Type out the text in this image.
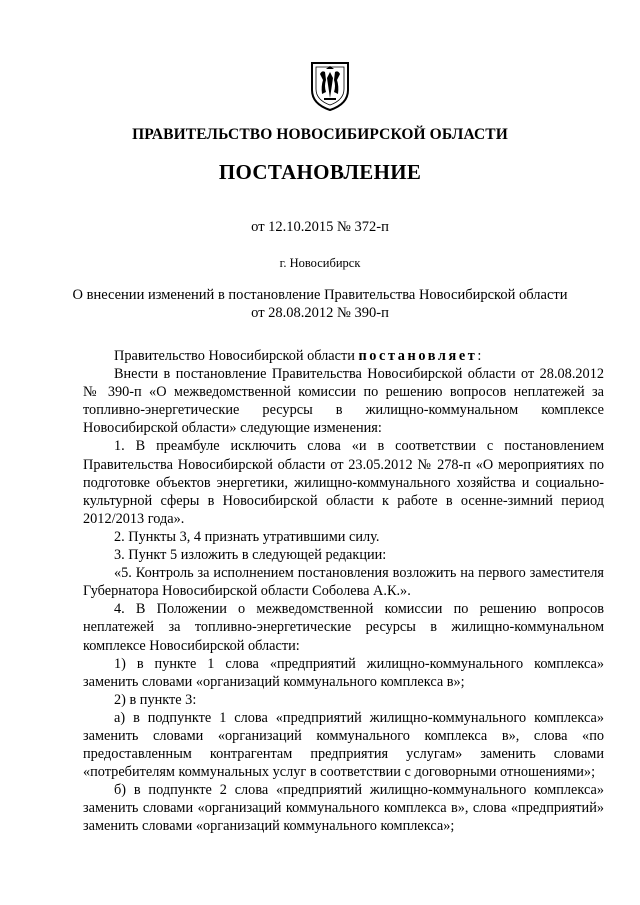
ПРАВИТЕЛЬСТВО НОВОСИБИРСКОЙ ОБЛАСТИ
ПОСТАНОВЛЕНИЕ
от 12.10.2015 № 372-п
г. Новосибирск
О внесении изменений в постановление Правительства Новосибирской области
от 28.08.2012 № 390-п

Правительство Новосибирской области постановляет:

Внести в постановление Правительства Новосибирской области от 28.08.2012 № 390-п «О межведомственной комиссии по решению вопросов неплатежей за топливно-энергетические ресурсы в жилищно-коммунальном комплексе Новосибирской области» следующие изменения:

1. В преамбуле исключить слова «и в соответствии с постановлением Правительства Новосибирской области от 23.05.2012 № 278-п «О мероприятиях по подготовке объектов энергетики, жилищно-коммунального хозяйства и социально-культурной сферы в Новосибирской области к работе в осенне-зимний период 2012/2013 года».

2. Пункты 3, 4 признать утратившими силу.

3. Пункт 5 изложить в следующей редакции:

«5. Контроль за исполнением постановления возложить на первого заместителя Губернатора Новосибирской области Соболева А.К.».

4. В Положении о межведомственной комиссии по решению вопросов неплатежей за топливно-энергетические ресурсы в жилищно-коммунальном комплексе Новосибирской области:

1) в пункте 1 слова «предприятий жилищно-коммунального комплекса» заменить словами «организаций коммунального комплекса в»;

2) в пункте 3:

а) в подпункте 1 слова «предприятий жилищно-коммунального комплекса» заменить словами «организаций коммунального комплекса в», слова «по предоставленным контрагентам предприятия услугам» заменить словами «потребителям коммунальных услуг в соответствии с договорными отношениями»;

б) в подпункте 2 слова «предприятий жилищно-коммунального комплекса» заменить словами «организаций коммунального комплекса в», слова «предприятий» заменить словами «организаций коммунального комплекса»;
